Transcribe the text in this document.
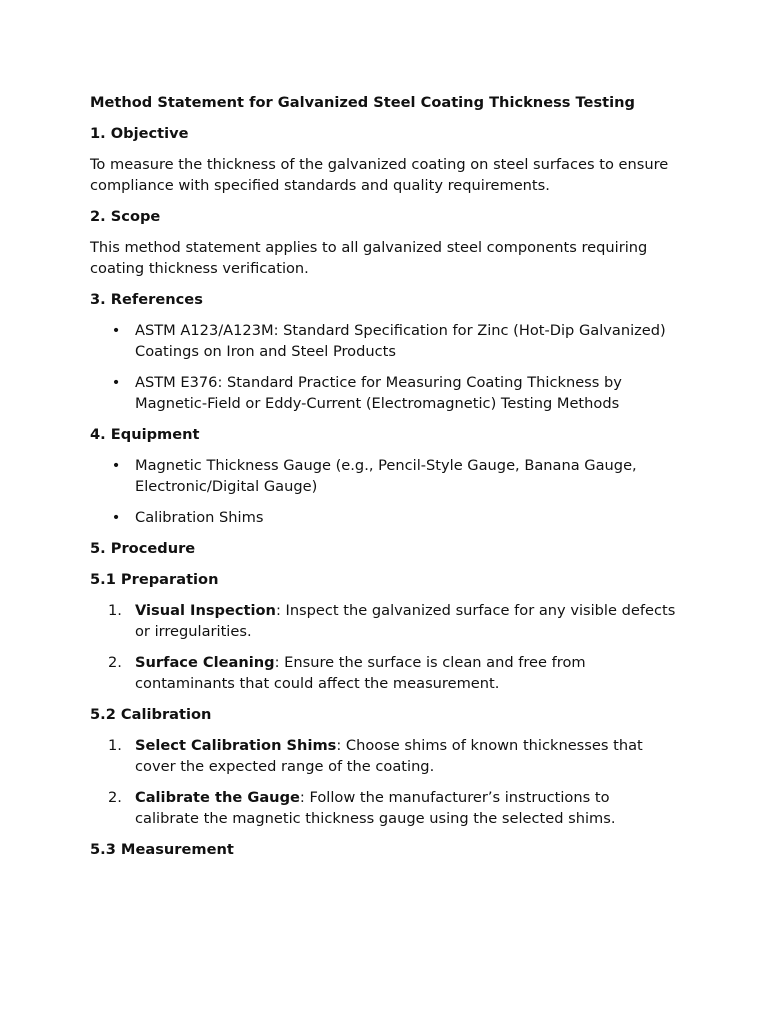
Method Statement for Galvanized Steel Coating Thickness Testing
1. Objective

To measure the thickness of the galvanized coating on steel surfaces to ensure compliance with specified standards and quality requirements.

2. Scope

This method statement applies to all galvanized steel components requiring coating thickness verification.

3. References
• ASTM A123/A123M: Standard Specification for Zinc (Hot-Dip Galvanized) Coatings on Iron and Steel Products
• ASTM E376: Standard Practice for Measuring Coating Thickness by Magnetic-Field or Eddy-Current (Electromagnetic) Testing Methods
4. Equipment
• Magnetic Thickness Gauge (e.g., Pencil-Style Gauge, Banana Gauge, Electronic/Digital Gauge)
• Calibration Shims
5. Procedure
5.1 Preparation
1. Visual Inspection: Inspect the galvanized surface for any visible defects or irregularities.
2. Surface Cleaning: Ensure the surface is clean and free from contaminants that could affect the measurement.
5.2 Calibration
1. Select Calibration Shims: Choose shims of known thicknesses that cover the expected range of the coating.
2. Calibrate the Gauge: Follow the manufacturer’s instructions to calibrate the magnetic thickness gauge using the selected shims.
5.3 Measurement
